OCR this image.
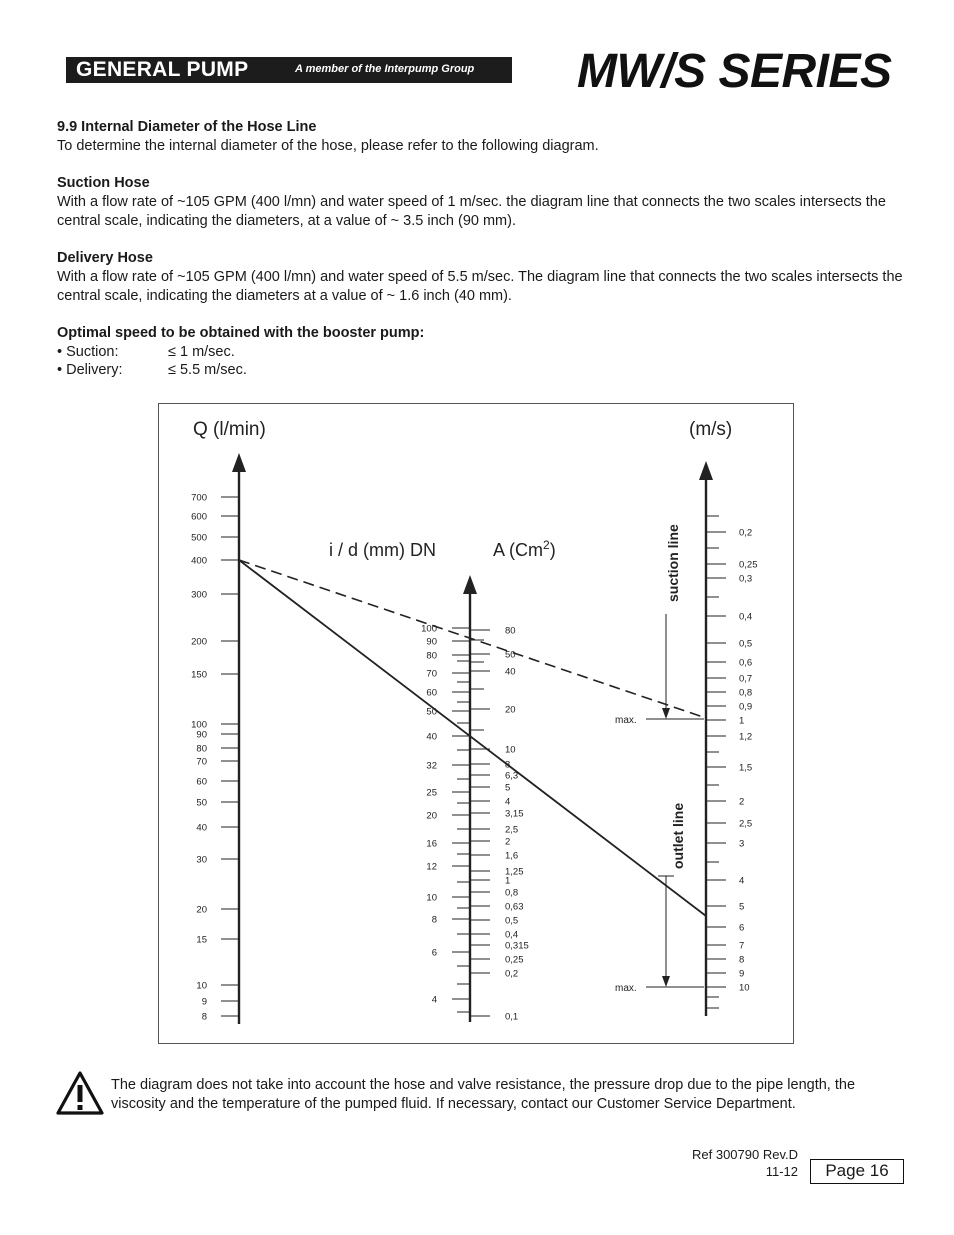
GENERAL PUMP	A member of the Interpump Group MW/S SERIES
9.9 Internal Diameter of the Hose Line
To determine the internal diameter of the hose, please refer to the following diagram.
Suction Hose
With a flow rate of ~105 GPM (400 l/mn) and water speed of 1 m/sec. the diagram line that connects the two scales intersects the central scale, indicating the diameters, at a value of ~ 3.5 inch (90 mm).
Delivery Hose
With a flow rate of ~105 GPM (400 l/mn) and water speed of 5.5 m/sec. The diagram line that connects the two scales intersects the central scale, indicating the diameters at a value of ~ 1.6 inch (40 mm).
Optimal speed to be obtained with the booster pump:
• Suction:	≤ 1 m/sec.
• Delivery:	≤ 5.5 m/sec.
Q (l/min)	(m/s)
i / d (mm) DN	A (Cm$^2$)
700
600
500
400
300
200
150
100
90
80
70
60
50
40
30
20
15
10
9
8
100
90
80
70
60
50
40
32
25
20
16
12
10
8
6
4
80
50
40
20
10
8
6,3
5
4
3,15
2,5
2
1,6
1,25
1
0,8
0,63
0,5
0,4
0,315
0,25
0,2
0,1
0,2
0,25
0,3
0,4
0,5
0,6
0,7
0,8
0,9
1
1,2
1,5
2
2,5
3
4
5
6
7
8
9
10
suction line
outlet line
max.
max.
The diagram does not take into account the hose and valve resistance, the pressure drop due to the pipe length, the viscosity and the temperature of the pumped fluid. If necessary, contact our Customer Service Department.
Ref 300790 Rev.D
11-12	Page 16
